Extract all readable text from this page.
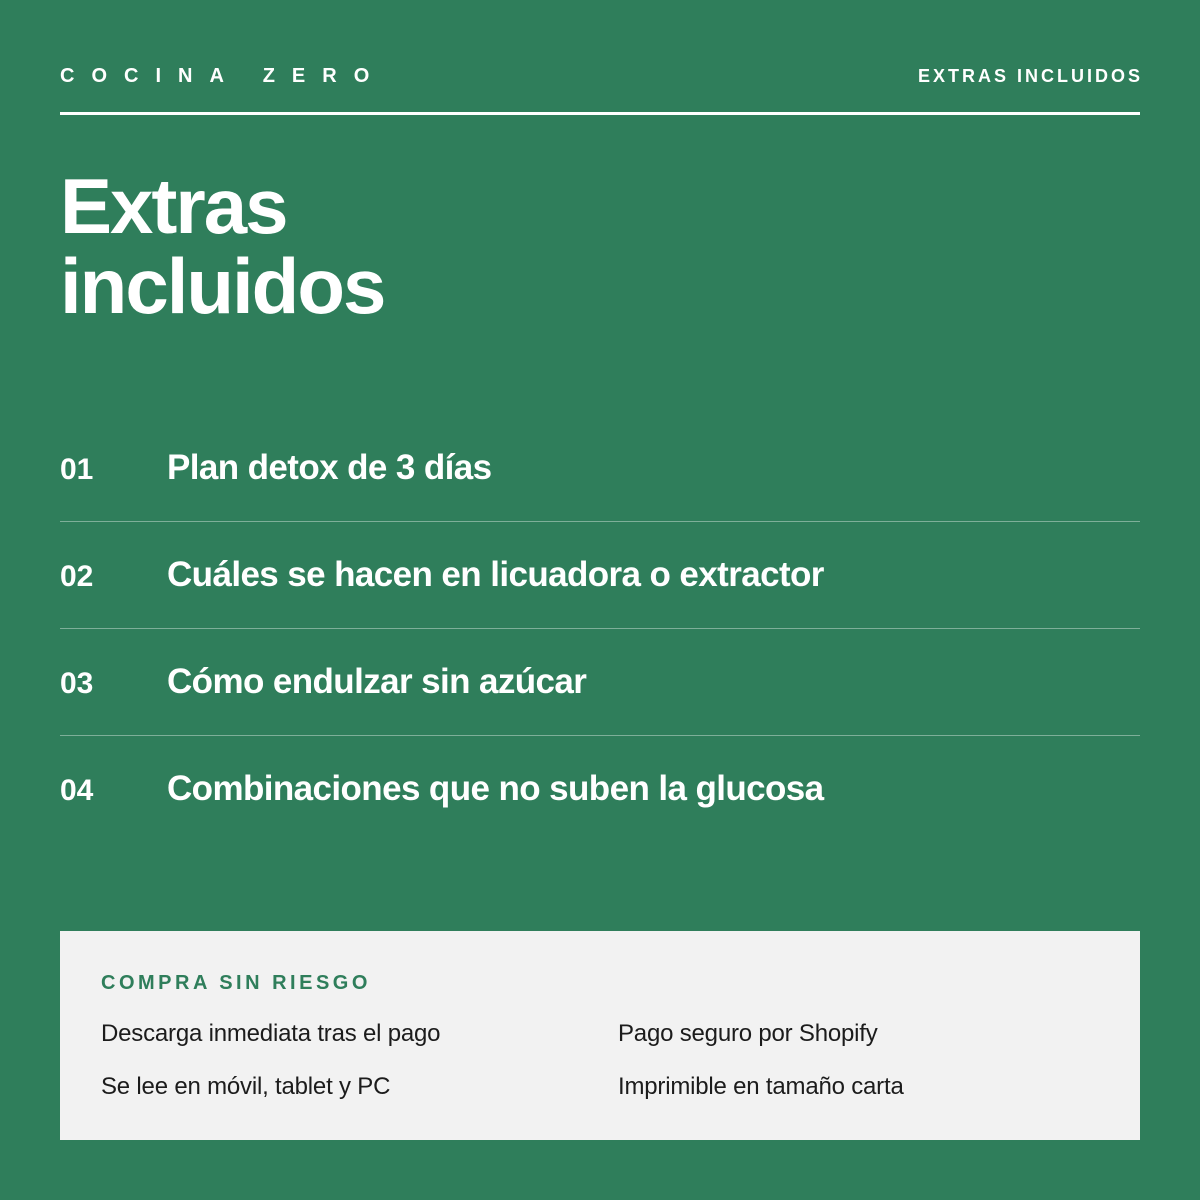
COCINA ZERO	EXTRAS INCLUIDOS
Extras
incluidos
01 Plan detox de 3 días
02 Cuáles se hacen en licuadora o extractor
03 Cómo endulzar sin azúcar
04 Combinaciones que no suben la glucosa
COMPRA SIN RIESGO
Descarga inmediata tras el pago	Pago seguro por Shopify
Se lee en móvil, tablet y PC	Imprimible en tamaño carta
